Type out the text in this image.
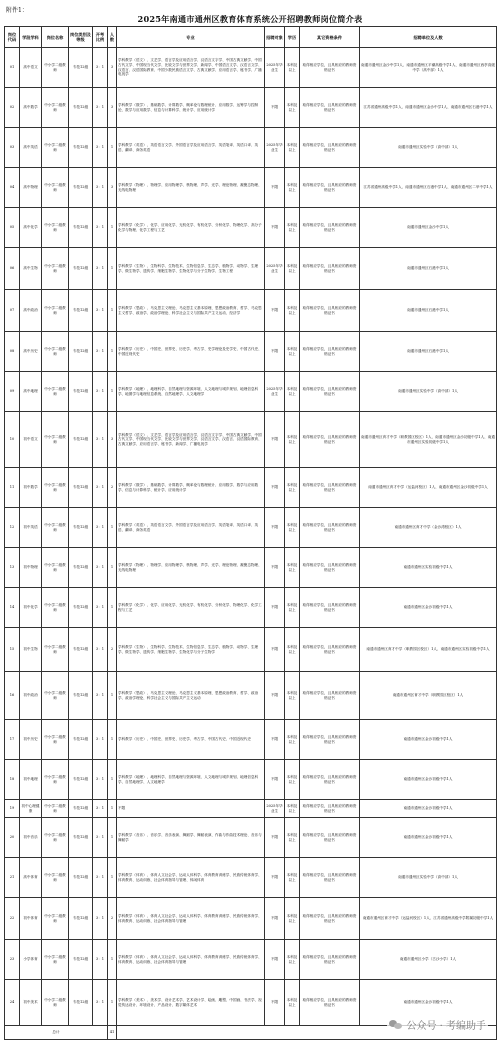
附件1：
2025年南通市通州区教育体育系统公开招聘教师岗位简介表
岗位代码	学段学科	岗位名称	岗位类别及等级	开考比例	人数	专业	招聘对象	学历	其它资格条件	招聘单位及人数
01	高中语文	中小学二级教师	专技12级	3：1	3	学科教学（语文）、文艺学、语言学及应用语言学、汉语言文字学、中国古典文献学、中国古代文学、中国现当代文学、比较文学与世界文学、新闻学、中国语言文学、汉语言文学、汉语言、汉语国际教育、中国少数民族语言文学、古典文献学、应用语言学、秘书学、广播电视学	2025年毕业生	本科及以上	取得相应学位，且具相应的教师资格证书	南通市通州区金沙中学1人、南通市通州区平潮高级中学1人、南通市通州区西亭高级中学（高中部）1人
02	高中数学	中小学二级教师	专技12级	3：1	3	学科教学（数学）、基础数学、计算数学、概率论与数理统计、应用数学、运筹学与控制论、数学与应用数学、信息与计算科学、统计学、应用统计学	不限	本科及以上	取得相应学位，且具相应的教师资格证书	江苏省通州高级中学1人、南通市通州区金沙中学1人、南通市通州区石港中学1人
03	高中英语	中小学二级教师	专技12级	3：1	1	学科教学（英语）、英语语言文学、外国语言学及应用语言学、英语笔译、英语口译、英语、翻译、商务英语	2025年毕业生	本科及以上	取得相应学位，且具相应的教师资格证书	南通市通州区实验中学（高中部）1人
04	高中物理	中小学二级教师	专技12级	3：1	3	学科教学（物理）、物理学、应用物理学、核物理、声学、光学、理论物理、凝聚态物理、无线电物理	不限	本科及以上	取得相应学位，且具相应的教师资格证书	江苏省通州高级中学1人、南通市通州区石港中学1人、南通市通州区二甲中学1人
05	高中化学	中小学二级教师	专技12级	3：1	1	学科教学（化学）、化学、应用化学、无机化学、有机化学、分析化学、物理化学、高分子化学与物理、化学工程与工艺	不限	本科及以上	取得相应学位，且具相应的教师资格证书	南通市通州区金沙中学1人
06	高中生物	中小学二级教师	专技12级	3：1	1	学科教学（生物）、生物科学、生物技术、生物信息学、生态学、植物学、动物学、生理学、微生物学、遗传学、细胞生物学、生物化学与分子生物学、生物工程	2025年毕业生	本科及以上	取得相应学位，且具相应的教师资格证书	南通市通州区石港中学1人
07	高中政治	中小学二级教师	专技12级	3：1	1	学科教学（思政）、马克思主义理论、马克思主义基本原理、思想政治教育、哲学、马克思主义哲学、政治学、政治学理论、科学社会主义与国际共产主义运动、经济学	不限	本科及以上	取得相应学位，且具相应的教师资格证书	南通市通州区石港中学1人
08	高中历史	中小学二级教师	专技12级	3：1	1	学科教学（历史）、中国史、世界史、历史学、考古学、史学理论及史学史、中国古代史、中国近现代史	不限	本科及以上	取得相应学位，且具相应的教师资格证书	南通市通州区石港中学1人
09	高中地理	中小学二级教师	专技12级	3：1	1	学科教学（地理）、地理科学、自然地理与资源环境、人文地理与城乡规划、地理信息科学、地图学与地理信息系统、自然地理学、人文地理学	2025年毕业生	本科及以上	取得相应学位，且具相应的教师资格证书	南通市通州区实验中学（高中部）1人
10	初中语文	中小学二级教师	专技12级	3：1	3	学科教学（语文）、文艺学、语言学及应用语言学、汉语言文字学、中国古典文献学、中国古代文学、中国现当代文学、比较文学与世界文学、汉语言文学、汉语言、汉语国际教育、古典文献学、应用语言学、秘书学、新闻学、广播电视学	不限	本科及以上	取得相应学位，且具相应的教师资格证书	南通市通州区育才中学（职教园区校区）1人、南通市通州区金沙初级中学1人、南通市通州区实验初级中学1人
11	初中数学	中小学二级教师	专技12级	3：1	2	学科教学（数学）、基础数学、计算数学、概率论与数理统计、应用数学、数学与应用数学、信息与计算科学、统计学、应用统计学	不限	本科及以上	取得相应学位，且具相应的教师资格证书	南通市通州区育才中学（运盐河校区）1人、南通市通州区金沙初级中学1人
12	初中英语	中小学二级教师	专技12级	3：1	1	学科教学（英语）、英语语言文学、外国语言学及应用语言学、英语笔译、英语口译、英语、翻译、商务英语	不限	本科及以上	取得相应学位，且具相应的教师资格证书	南通市通州区育才中学（金沙湾校区）1人
13	初中物理	中小学二级教师	专技12级	3：1	1	学科教学（物理）、物理学、应用物理学、核物理、声学、光学、理论物理、凝聚态物理、无线电物理	不限	本科及以上	取得相应学位，且具相应的教师资格证书	南通市通州区实验初级中学1人
14	初中化学	中小学二级教师	专技12级	3：1	1	学科教学（化学）、化学、应用化学、无机化学、有机化学、分析化学、物理化学、化学工程与工艺	不限	本科及以上	取得相应学位，且具相应的教师资格证书	南通市通州区金沙初级中学1人
15	初中生物	中小学二级教师	专技12级	3：1	2	学科教学（生物）、生物科学、生物技术、生物信息学、生态学、植物学、动物学、生理学、微生物学、遗传学、细胞生物学、生物化学与分子生物学	不限	本科及以上	取得相应学位，且具相应的教师资格证书	南通市通州区育才中学（职教园区校区）1人、南通市通州区实验初级中学1人
16	初中政治	中小学二级教师	专技12级	3：1	1	学科教学（思政）、马克思主义理论、马克思主义基本原理、思想政治教育、哲学、政治学、政治学理论、科学社会主义与国际共产主义运动	不限	本科及以上	取得相应学位，且具相应的教师资格证书	南通市通州区育才中学（职教园区校区）1人
17	初中历史	中小学二级教师	专技12级	3：1	1	学科教学（历史）、中国史、世界史、历史学、考古学、中国古代史、中国近现代史	不限	本科及以上	取得相应学位，且具相应的教师资格证书	南通市通州区金沙初级中学1人
18	初中地理	中小学二级教师	专技12级	3：1	1	学科教学（地理）、地理科学、自然地理与资源环境、人文地理与城乡规划、地理信息科学、自然地理学、人文地理学	不限	本科及以上	取得相应学位，且具相应的教师资格证书	南通市通州区金沙初级中学1人
19	初中心理健康	中小学二级教师	专技12级	3：1	1	不限	2025年毕业生	本科及以上	取得相应学位，且具相应的教师资格证书	南通市通州区金沙初级中学1人
20	初中音乐	中小学二级教师	专技12级	3：1	1	学科教学（音乐）、音乐学、音乐表演、舞蹈学、舞蹈表演、作曲与作曲技术理论、音乐与舞蹈学	不限	本科及以上	取得相应学位，且具相应的教师资格证书	南通市通州区金沙初级中学1人
21	高中体育	中小学二级教师	专技12级	3：1	1	学科教学（体育）、体育人文社会学、运动人体科学、体育教育训练学、民族传统体育学、体育教育、运动训练、社会体育指导与管理、休闲体育	不限	本科及以上	取得相应学位，且具相应的教师资格证书	南通市通州区实验中学（高中部）1人
22	初中体育	中小学二级教师	专技12级	3：1	2	学科教学（体育）、体育人文社会学、运动人体科学、体育教育训练学、民族传统体育学、体育教育、运动训练、社会体育指导与管理	不限	本科及以上	取得相应学位，且具相应的教师资格证书	南通市通州区育才中学（运盐河校区）1人、江苏省通州高级中学附属初级中学1人
23	小学体育	中小学二级教师	专技12级	3：1	1	学科教学（体育）、体育人文社会学、运动人体科学、体育教育训练学、民族传统体育学、体育教育、运动训练、社会体育指导与管理	不限	本科及以上	取得相应学位，且具相应的教师资格证书	南通市通州区小学（古沙小学）1人
24	初中美术	中小学二级教师	专技12级	3：1	1	学科教学（美术）、美术学、设计艺术学、艺术设计学、绘画、雕塑、中国画、书法学、视觉传达设计、环境设计、产品设计、数字媒体艺术	不限	本科及以上	取得相应学位，且具相应的教师资格证书	南通市通州区金沙初级中学1人
总计					41					
公众号 · 考编助手
